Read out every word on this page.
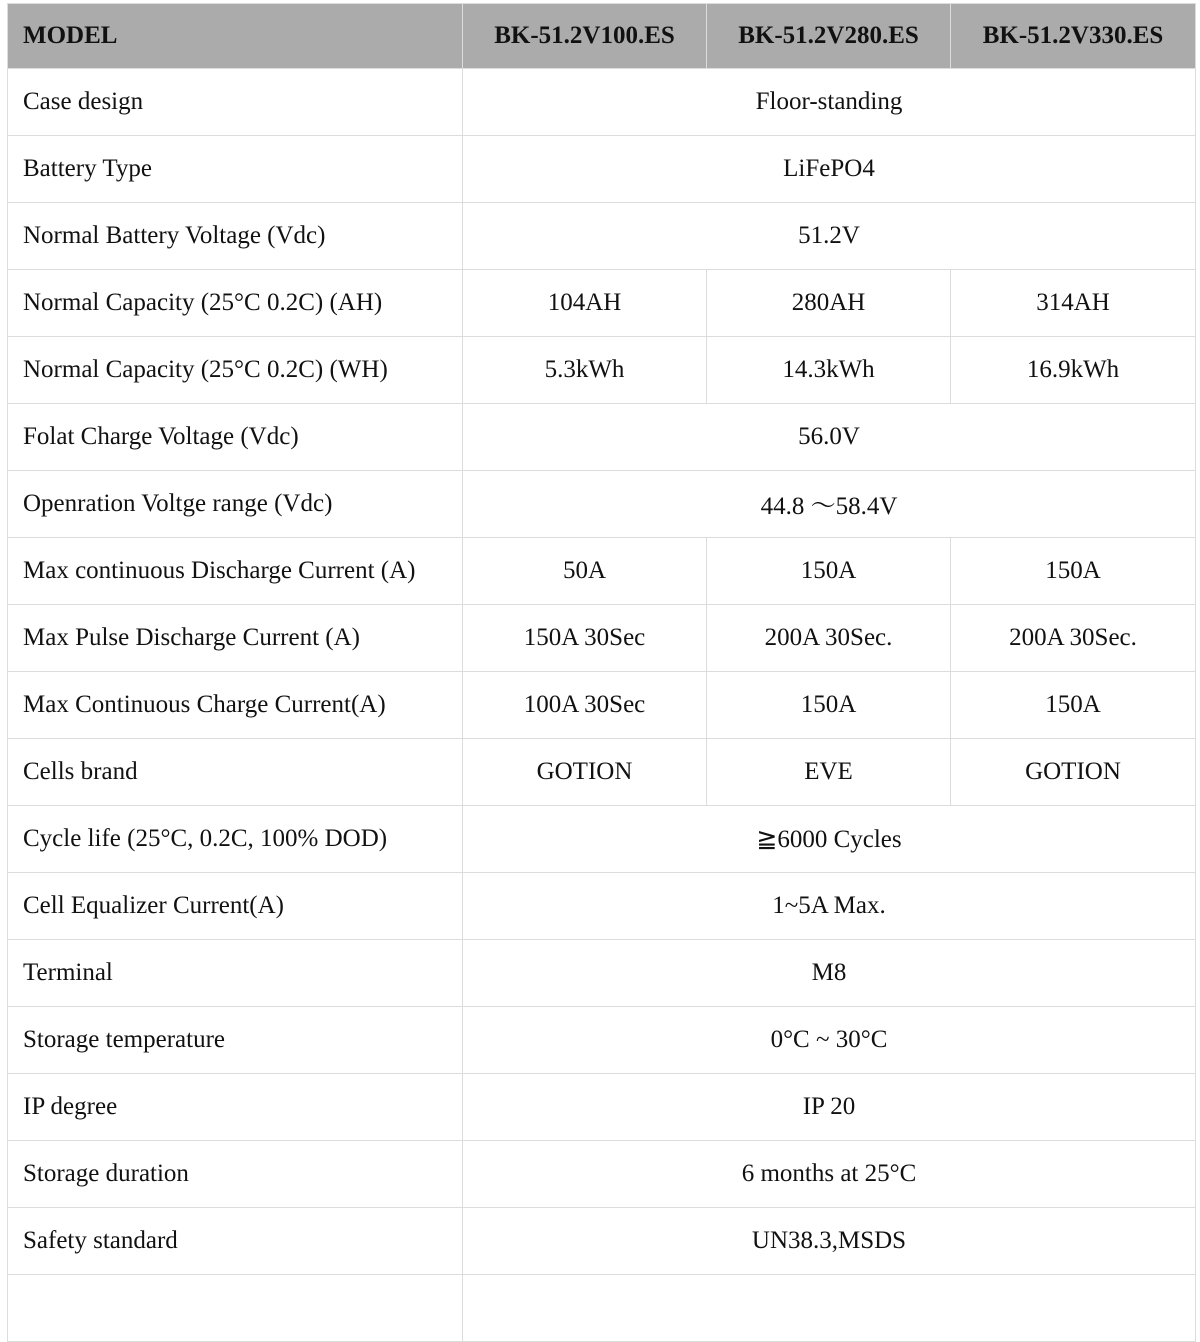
MODEL	BK-51.2V100.ES	BK-51.2V280.ES	BK-51.2V330.ES
Case design	Floor-standing		
Battery Type	LiFePO4		
Normal Battery Voltage (Vdc)	51.2V		
Normal Capacity (25°C 0.2C) (AH)	104AH	280AH	314AH
Normal Capacity (25°C 0.2C) (WH)	5.3kWh	14.3kWh	16.9kWh
Folat Charge Voltage (Vdc)	56.0V		
Openration Voltge range (Vdc)	44.8 ～58.4V		
Max continuous Discharge Current (A)	50A	150A	150A
Max Pulse Discharge Current (A)	150A 30Sec	200A 30Sec.	200A 30Sec.
Max Continuous Charge Current(A)	100A 30Sec	150A	150A
Cells brand	GOTION	EVE	GOTION
Cycle life (25°C, 0.2C, 100% DOD)	≧6000 Cycles		
Cell Equalizer Current(A)	1~5A Max.		
Terminal	M8		
Storage temperature	0°C ~ 30°C		
IP degree	IP 20		
Storage duration	6 months at 25°C		
Safety standard	UN38.3,MSDS		
